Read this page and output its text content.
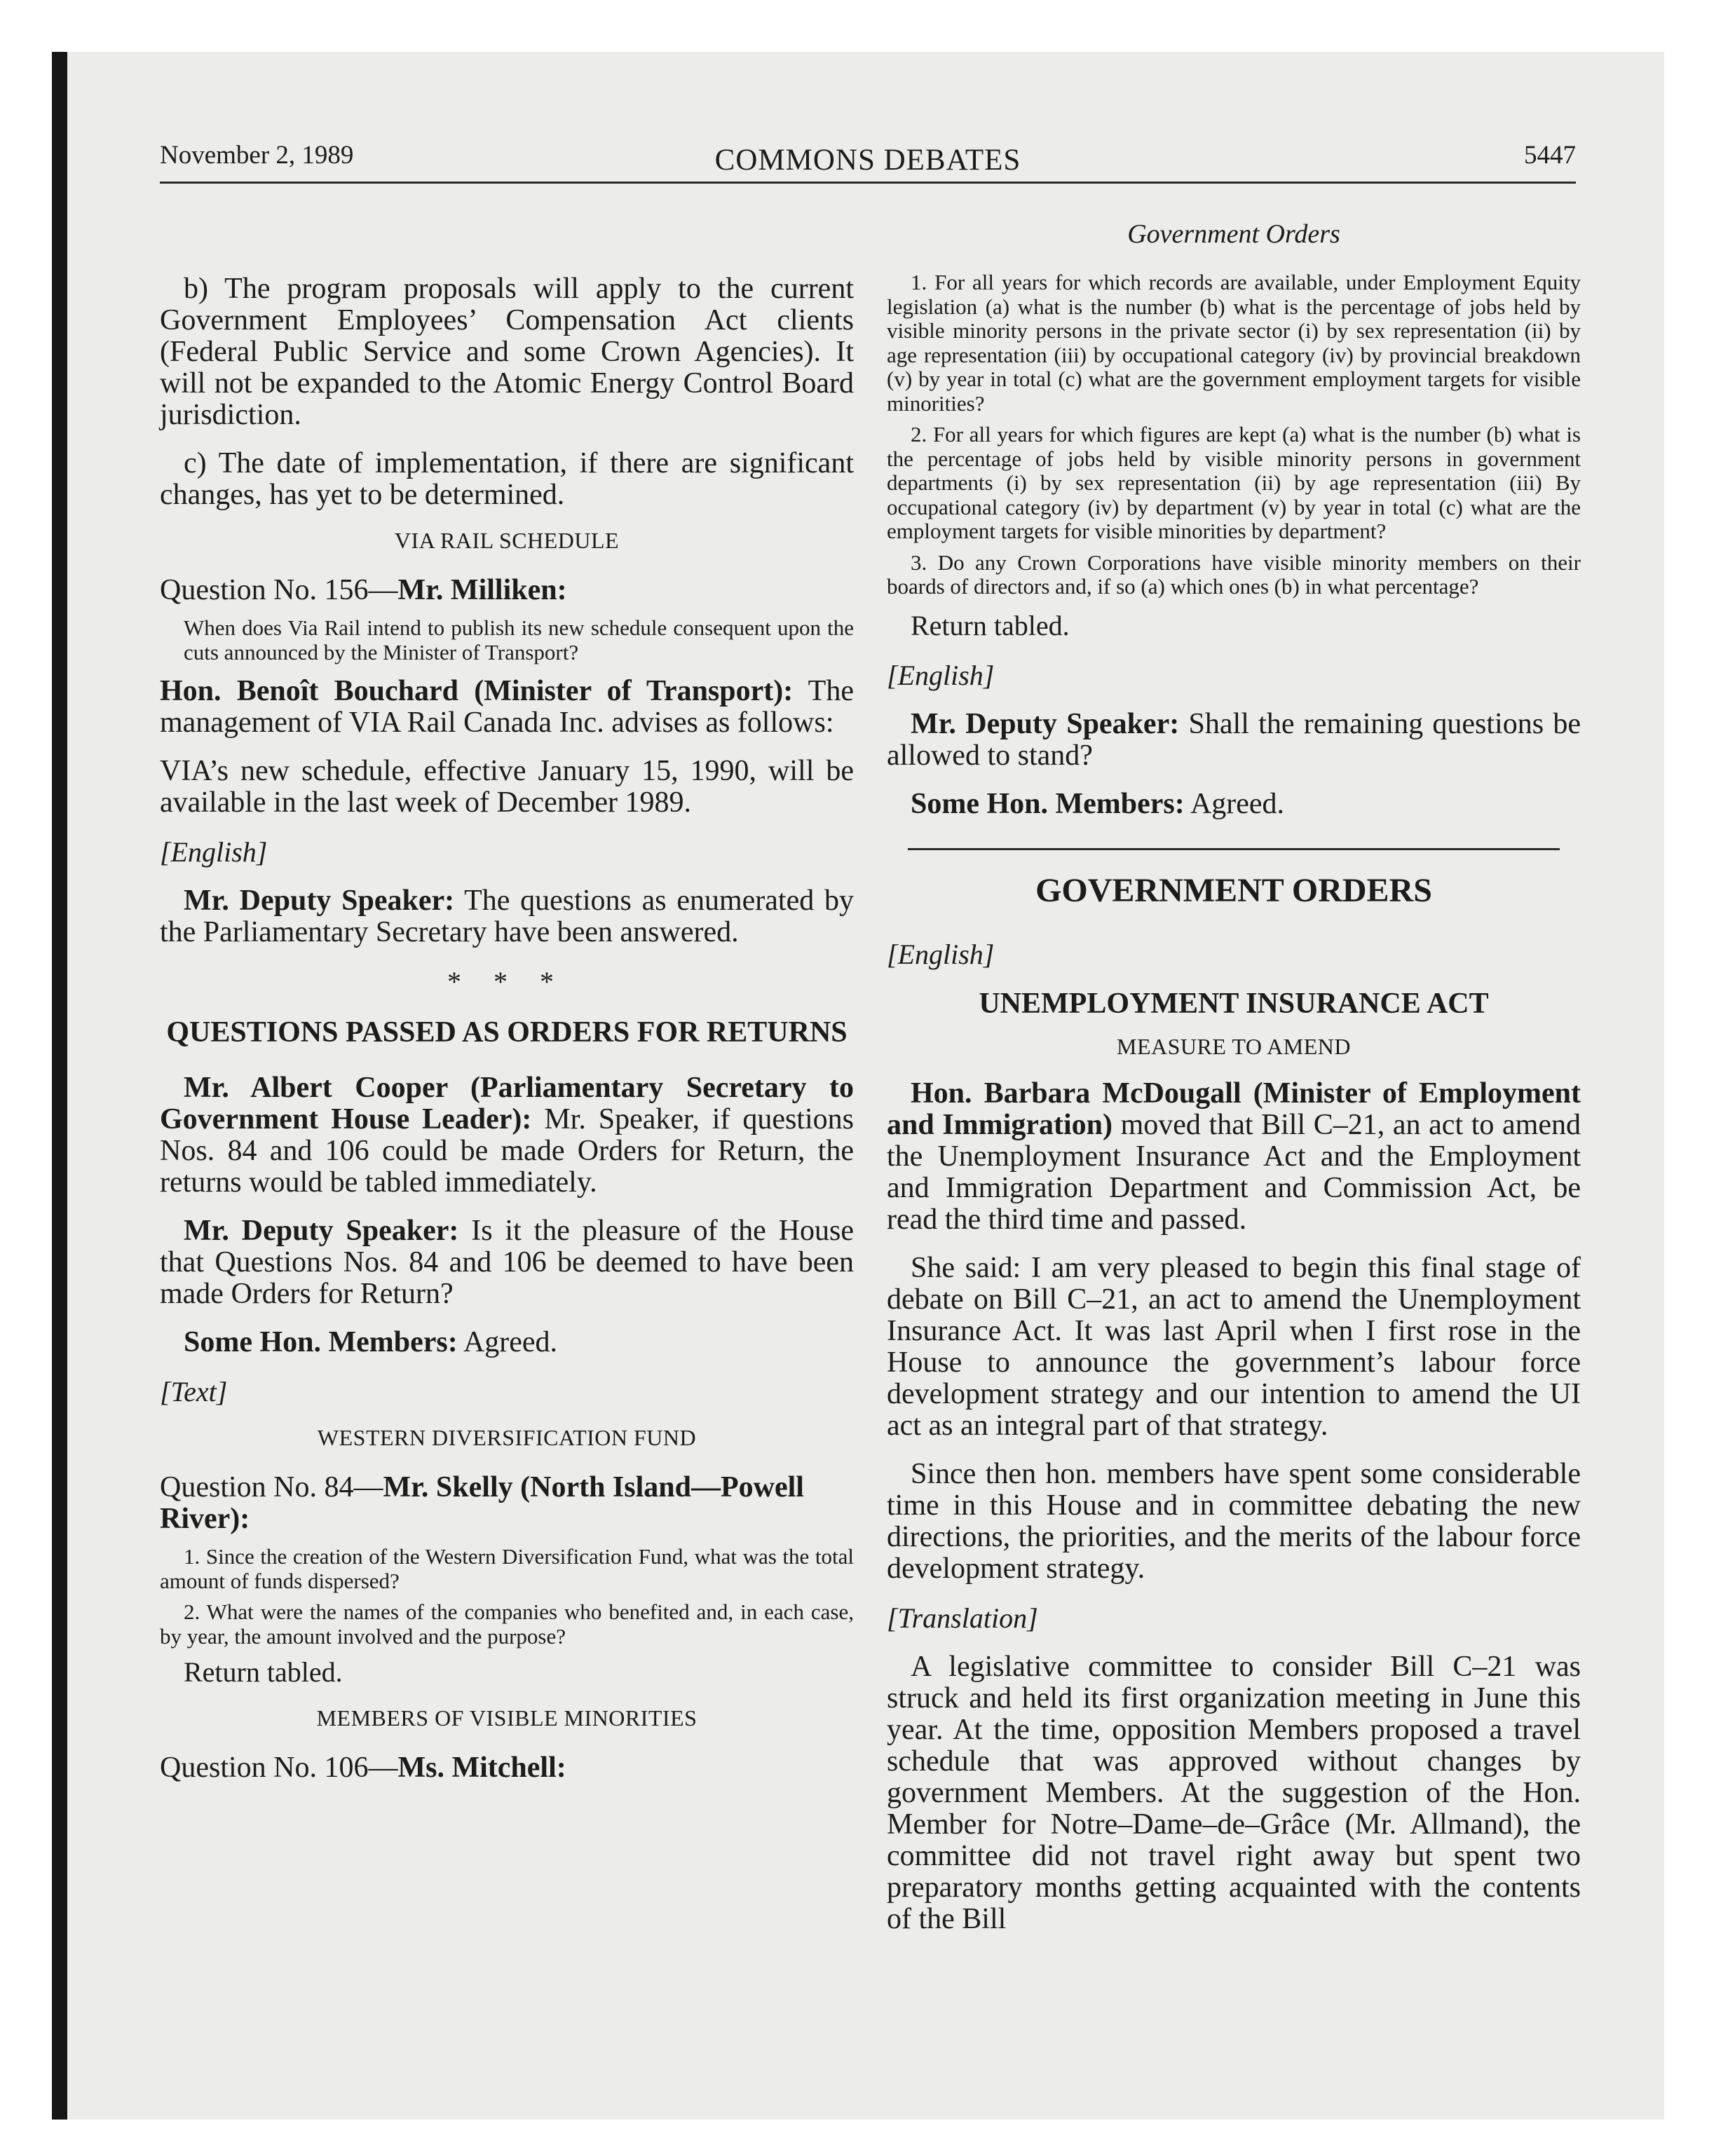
November 2, 1989	COMMONS DEBATES	5447

b) The program proposals will apply to the current Government Employees’ Compensation Act clients (Federal Public Service and some Crown Agencies). It will not be expanded to the Atomic Energy Control Board jurisdiction.

c) The date of implementation, if there are significant changes, has yet to be determined.

VIA RAIL SCHEDULE

Question No. 156—Mr. Milliken:

When does Via Rail intend to publish its new schedule consequent upon the cuts announced by the Minister of Transport?

Hon. Benoît Bouchard (Minister of Transport): The management of VIA Rail Canada Inc. advises as follows:

VIA’s new schedule, effective January 15, 1990, will be available in the last week of December 1989.

[English]

Mr. Deputy Speaker: The questions as enumerated by the Parliamentary Secretary have been answered.

* * *
QUESTIONS PASSED AS ORDERS FOR RETURNS

Mr. Albert Cooper (Parliamentary Secretary to Government House Leader): Mr. Speaker, if questions Nos. 84 and 106 could be made Orders for Return, the returns would be tabled immediately.

Mr. Deputy Speaker: Is it the pleasure of the House that Questions Nos. 84 and 106 be deemed to have been made Orders for Return?

Some Hon. Members: Agreed.

[Text]

WESTERN DIVERSIFICATION FUND

Question No. 84—Mr. Skelly (North Island—Powell River):

1. Since the creation of the Western Diversification Fund, what was the total amount of funds dispersed?

2. What were the names of the companies who benefited and, in each case, by year, the amount involved and the purpose?

Return tabled.

MEMBERS OF VISIBLE MINORITIES

Question No. 106—Ms. Mitchell:

Government Orders

1. For all years for which records are available, under Employment Equity legislation (a) what is the number (b) what is the percentage of jobs held by visible minority persons in the private sector (i) by sex representation (ii) by age representation (iii) by occupational category (iv) by provincial breakdown (v) by year in total (c) what are the government employment targets for visible minorities?

2. For all years for which figures are kept (a) what is the number (b) what is the percentage of jobs held by visible minority persons in government departments (i) by sex representation (ii) by age representation (iii) By occupational category (iv) by department (v) by year in total (c) what are the employment targets for visible minorities by department?

3. Do any Crown Corporations have visible minority members on their boards of directors and, if so (a) which ones (b) in what percentage?

Return tabled.

[English]

Mr. Deputy Speaker: Shall the remaining questions be allowed to stand?

Some Hon. Members: Agreed.

GOVERNMENT ORDERS

[English]

UNEMPLOYMENT INSURANCE ACT
MEASURE TO AMEND

Hon. Barbara McDougall (Minister of Employment and Immigration) moved that Bill C–21, an act to amend the Unemployment Insurance Act and the Employment and Immigration Department and Commission Act, be read the third time and passed.

She said: I am very pleased to begin this final stage of debate on Bill C–21, an act to amend the Unemployment Insurance Act. It was last April when I first rose in the House to announce the government’s labour force development strategy and our intention to amend the UI act as an integral part of that strategy.

Since then hon. members have spent some considerable time in this House and in committee debating the new directions, the priorities, and the merits of the labour force development strategy.

[Translation]

A legislative committee to consider Bill C–21 was struck and held its first organization meeting in June this year. At the time, opposition Members proposed a travel schedule that was approved without changes by government Members. At the suggestion of the Hon. Member for Notre–Dame–de–Grâce (Mr. Allmand), the committee did not travel right away but spent two preparatory months getting acquainted with the contents of the Bill
